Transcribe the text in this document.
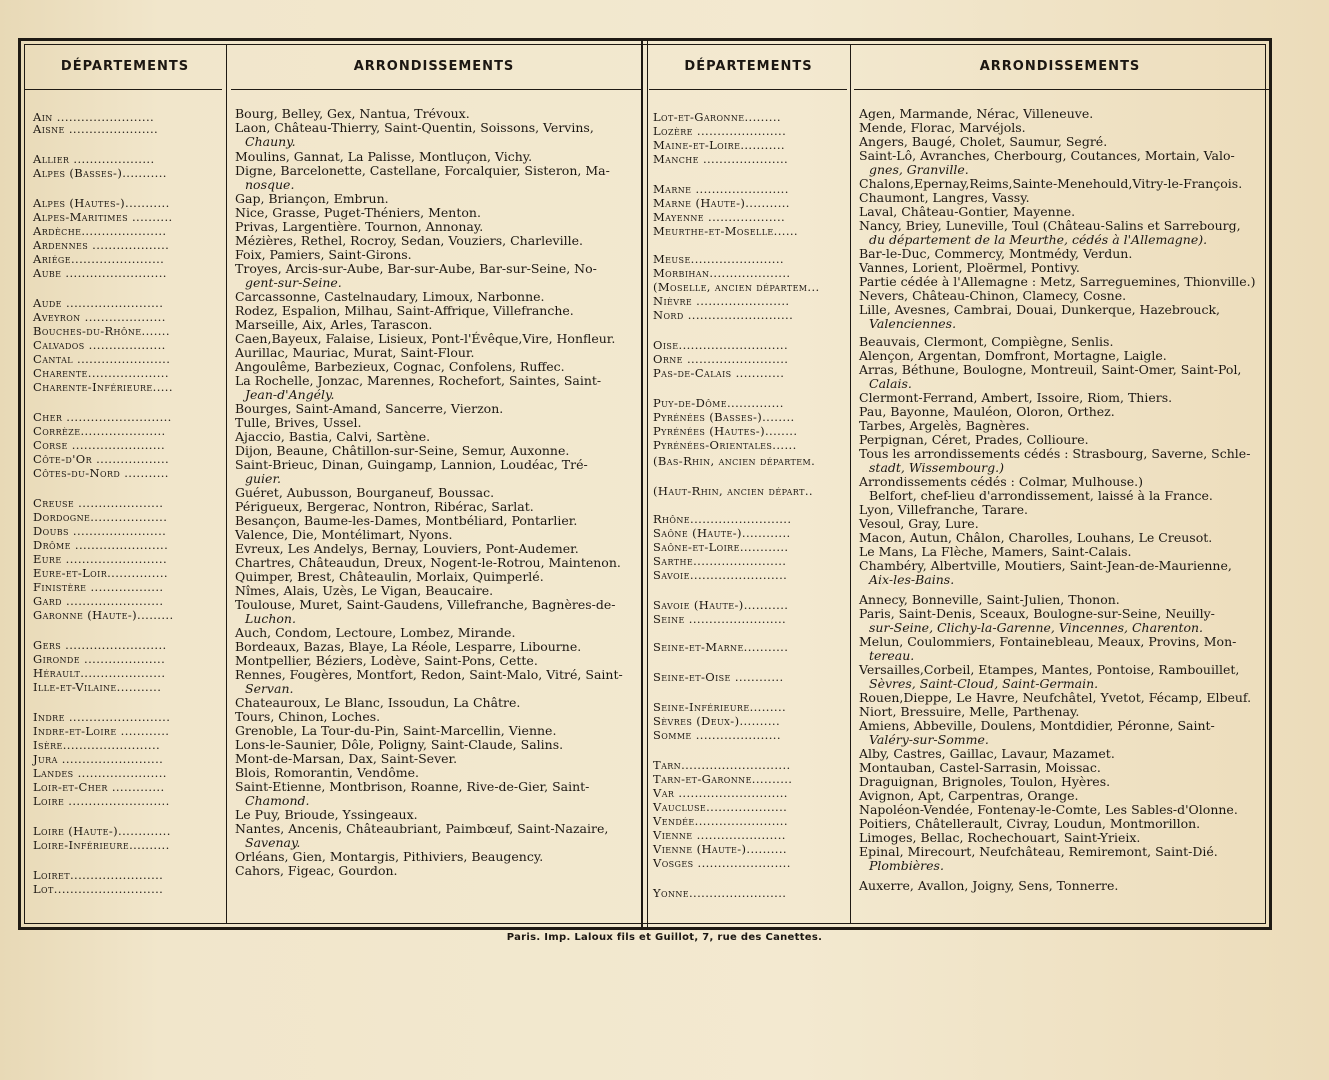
DÉPARTEMENTS
Ain ........................
Aisne ......................
Allier ....................
Alpes (Basses-)...........
Alpes (Hautes-)...........
Alpes-Maritimes ..........
Ardèche.....................
Ardennes ...................
Ariége.......................
Aube .........................
Aude ........................
Aveyron ....................
Bouches-du-Rhône.......
Calvados ...................
Cantal .......................
Charente....................
Charente-Inférieure.....
Cher ..........................
Corrèze.....................
Corse .......................
Côte-d'Or ..................
Côtes-du-Nord ...........
Creuse .....................
Dordogne...................
Doubs .......................
Drôme .......................
Eure .........................
Eure-et-Loir...............
Finistère ..................
Gard ........................
Garonne (Haute-).........
Gers .........................
Gironde ....................
Hérault.....................
Ille-et-Vilaine...........
Indre .........................
Indre-et-Loire ............
Isère........................
Jura .........................
Landes ......................
Loir-et-Cher .............
Loire .........................
Loire (Haute-).............
Loire-Inférieure..........
Loiret.......................
Lot...........................
ARRONDISSEMENTS
Bourg, Belley, Gex, Nantua, Trévoux.
Laon, Château-Thierry, Saint-Quentin, Soissons, Vervins,
Chauny.
Moulins, Gannat, La Palisse, Montluçon, Vichy.
Digne, Barcelonette, Castellane, Forcalquier, Sisteron, Ma-
nosque.
Gap, Briançon, Embrun.
Nice, Grasse, Puget-Théniers, Menton.
Privas, Largentière. Tournon, Annonay.
Mézières, Rethel, Rocroy, Sedan, Vouziers, Charleville.
Foix, Pamiers, Saint-Girons.
Troyes, Arcis-sur-Aube, Bar-sur-Aube, Bar-sur-Seine, No-
gent-sur-Seine.
Carcassonne, Castelnaudary, Limoux, Narbonne.
Rodez, Espalion, Milhau, Saint-Affrique, Villefranche.
Marseille, Aix, Arles, Tarascon.
Caen,Bayeux, Falaise, Lisieux, Pont-l'Évêque,Vire, Honfleur.
Aurillac, Mauriac, Murat, Saint-Flour.
Angoulême, Barbezieux, Cognac, Confolens, Ruffec.
La Rochelle, Jonzac, Marennes, Rochefort, Saintes, Saint-
Jean-d'Angély.
Bourges, Saint-Amand, Sancerre, Vierzon.
Tulle, Brives, Ussel.
Ajaccio, Bastia, Calvi, Sartène.
Dijon, Beaune, Châtillon-sur-Seine, Semur, Auxonne.
Saint-Brieuc, Dinan, Guingamp, Lannion, Loudéac, Tré-
guier.
Guéret, Aubusson, Bourganeuf, Boussac.
Périgueux, Bergerac, Nontron, Ribérac, Sarlat.
Besançon, Baume-les-Dames, Montbéliard, Pontarlier.
Valence, Die, Montélimart, Nyons.
Evreux, Les Andelys, Bernay, Louviers, Pont-Audemer.
Chartres, Châteaudun, Dreux, Nogent-le-Rotrou, Maintenon.
Quimper, Brest, Châteaulin, Morlaix, Quimperlé.
Nîmes, Alais, Uzès, Le Vigan, Beaucaire.
Toulouse, Muret, Saint-Gaudens, Villefranche, Bagnères-de-
Luchon.
Auch, Condom, Lectoure, Lombez, Mirande.
Bordeaux, Bazas, Blaye, La Réole, Lesparre, Libourne.
Montpellier, Béziers, Lodève, Saint-Pons, Cette.
Rennes, Fougères, Montfort, Redon, Saint-Malo, Vitré, Saint-
Servan.
Chateauroux, Le Blanc, Issoudun, La Châtre.
Tours, Chinon, Loches.
Grenoble, La Tour-du-Pin, Saint-Marcellin, Vienne.
Lons-le-Saunier, Dôle, Poligny, Saint-Claude, Salins.
Mont-de-Marsan, Dax, Saint-Sever.
Blois, Romorantin, Vendôme.
Saint-Etienne, Montbrison, Roanne, Rive-de-Gier, Saint-
Chamond.
Le Puy, Brioude, Yssingeaux.
Nantes, Ancenis, Châteaubriant, Paimbœuf, Saint-Nazaire,
Savenay.
Orléans, Gien, Montargis, Pithiviers, Beaugency.
Cahors, Figeac, Gourdon.
DÉPARTEMENTS
Lot-et-Garonne.........
Lozère ......................
Maine-et-Loire...........
Manche .....................
Marne .......................
Marne (Haute-)...........
Mayenne ...................
Meurthe-et-Moselle......
Meuse.......................
Morbihan....................
(Moselle, ancien départem...
Nièvre .......................
Nord ..........................
Oise...........................
Orne .........................
Pas-de-Calais ............
Puy-de-Dôme..............
Pyrénées (Basses-)........
Pyrénées (Hautes-)........
Pyrénées-Orientales......
(Bas-Rhin, ancien départem.
(Haut-Rhin, ancien départ..
Rhône.........................
Saône (Haute-)............
Saône-et-Loire............
Sarthe.......................
Savoie........................
Savoie (Haute-)...........
Seine ........................
Seine-et-Marne...........
Seine-et-Oise ............
Seine-Inférieure.........
Sèvres (Deux-)..........
Somme .....................
Tarn...........................
Tarn-et-Garonne..........
Var ...........................
Vaucluse....................
Vendée.......................
Vienne ......................
Vienne (Haute-)..........
Vosges .......................
Yonne........................
ARRONDISSEMENTS
Agen, Marmande, Nérac, Villeneuve.
Mende, Florac, Marvéjols.
Angers, Baugé, Cholet, Saumur, Segré.
Saint-Lô, Avranches, Cherbourg, Coutances, Mortain, Valo-
gnes, Granville.
Chalons,Epernay,Reims,Sainte-Menehould,Vitry-le-François.
Chaumont, Langres, Vassy.
Laval, Château-Gontier, Mayenne.
Nancy, Briey, Luneville, Toul (Château-Salins et Sarrebourg,
du département de la Meurthe, cédés à l'Allemagne).
Bar-le-Duc, Commercy, Montmédy, Verdun.
Vannes, Lorient, Ploërmel, Pontivy.
Partie cédée à l'Allemagne : Metz, Sarreguemines, Thionville.)
Nevers, Château-Chinon, Clamecy, Cosne.
Lille, Avesnes, Cambrai, Douai, Dunkerque, Hazebrouck,
Valenciennes.
Beauvais, Clermont, Compiègne, Senlis.
Alençon, Argentan, Domfront, Mortagne, Laigle.
Arras, Béthune, Boulogne, Montreuil, Saint-Omer, Saint-Pol,
Calais.
Clermont-Ferrand, Ambert, Issoire, Riom, Thiers.
Pau, Bayonne, Mauléon, Oloron, Orthez.
Tarbes, Argelès, Bagnères.
Perpignan, Céret, Prades, Collioure.
Tous les arrondissements cédés : Strasbourg, Saverne, Schle-
stadt, Wissembourg.)
Arrondissements cédés : Colmar, Mulhouse.)
Belfort, chef-lieu d'arrondissement, laissé à la France.
Lyon, Villefranche, Tarare.
Vesoul, Gray, Lure.
Macon, Autun, Châlon, Charolles, Louhans, Le Creusot.
Le Mans, La Flèche, Mamers, Saint-Calais.
Chambéry, Albertville, Moutiers, Saint-Jean-de-Maurienne,
Aix-les-Bains.
Annecy, Bonneville, Saint-Julien, Thonon.
Paris, Saint-Denis, Sceaux, Boulogne-sur-Seine, Neuilly-
sur-Seine, Clichy-la-Garenne, Vincennes, Charenton.
Melun, Coulommiers, Fontainebleau, Meaux, Provins, Mon-
tereau.
Versailles,Corbeil, Etampes, Mantes, Pontoise, Rambouillet,
Sèvres, Saint-Cloud, Saint-Germain.
Rouen,Dieppe, Le Havre, Neufchâtel, Yvetot, Fécamp, Elbeuf.
Niort, Bressuire, Melle, Parthenay.
Amiens, Abbeville, Doulens, Montdidier, Péronne, Saint-
Valéry-sur-Somme.
Alby, Castres, Gaillac, Lavaur, Mazamet.
Montauban, Castel-Sarrasin, Moissac.
Draguignan, Brignoles, Toulon, Hyères.
Avignon, Apt, Carpentras, Orange.
Napoléon-Vendée, Fontenay-le-Comte, Les Sables-d'Olonne.
Poitiers, Châtellerault, Civray, Loudun, Montmorillon.
Limoges, Bellac, Rochechouart, Saint-Yrieix.
Epinal, Mirecourt, Neufchâteau, Remiremont, Saint-Dié.
Plombières.
Auxerre, Avallon, Joigny, Sens, Tonnerre.
Paris. Imp. Laloux fils et Guillot, 7, rue des Canettes.
